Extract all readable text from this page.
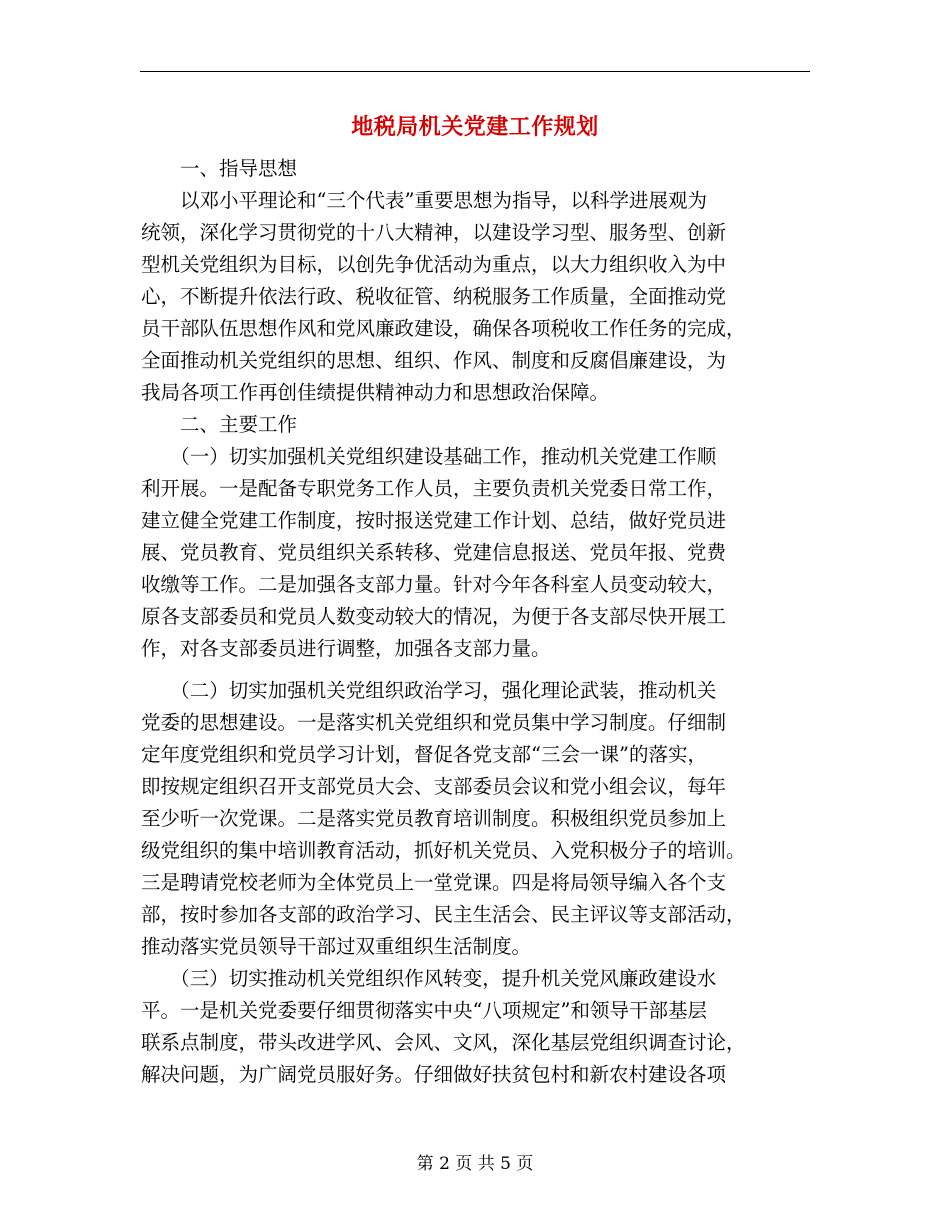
地税局机关党建工作规划
　　一、指导思想
　　以邓小平理论和“三个代表”重要思想为指导，以科学进展观为
统领，深化学习贯彻党的十八大精神，以建设学习型、服务型、创新
型机关党组织为目标，以创先争优活动为重点，以大力组织收入为中
心，不断提升依法行政、税收征管、纳税服务工作质量，全面推动党
员干部队伍思想作风和党风廉政建设，确保各项税收工作任务的完成，
全面推动机关党组织的思想、组织、作风、制度和反腐倡廉建设，为
我局各项工作再创佳绩提供精神动力和思想政治保障。
　　二、主要工作
　　（一）切实加强机关党组织建设基础工作，推动机关党建工作顺
利开展。一是配备专职党务工作人员，主要负责机关党委日常工作，
建立健全党建工作制度，按时报送党建工作计划、总结，做好党员进
展、党员教育、党员组织关系转移、党建信息报送、党员年报、党费
收缴等工作。二是加强各支部力量。针对今年各科室人员变动较大，
原各支部委员和党员人数变动较大的情况，为便于各支部尽快开展工
作，对各支部委员进行调整，加强各支部力量。
　　（二）切实加强机关党组织政治学习，强化理论武装，推动机关
党委的思想建设。一是落实机关党组织和党员集中学习制度。仔细制
定年度党组织和党员学习计划，督促各党支部“三会一课”的落实，
即按规定组织召开支部党员大会、支部委员会议和党小组会议，每年
至少听一次党课。二是落实党员教育培训制度。积极组织党员参加上
级党组织的集中培训教育活动，抓好机关党员、入党积极分子的培训。
三是聘请党校老师为全体党员上一堂党课。四是将局领导编入各个支
部，按时参加各支部的政治学习、民主生活会、民主评议等支部活动，
推动落实党员领导干部过双重组织生活制度。
　　（三）切实推动机关党组织作风转变，提升机关党风廉政建设水
平。一是机关党委要仔细贯彻落实中央“八项规定”和领导干部基层
联系点制度，带头改进学风、会风、文风，深化基层党组织调查讨论，
解决问题，为广阔党员服好务。仔细做好扶贫包村和新农村建设各项
第 2 页 共 5 页
